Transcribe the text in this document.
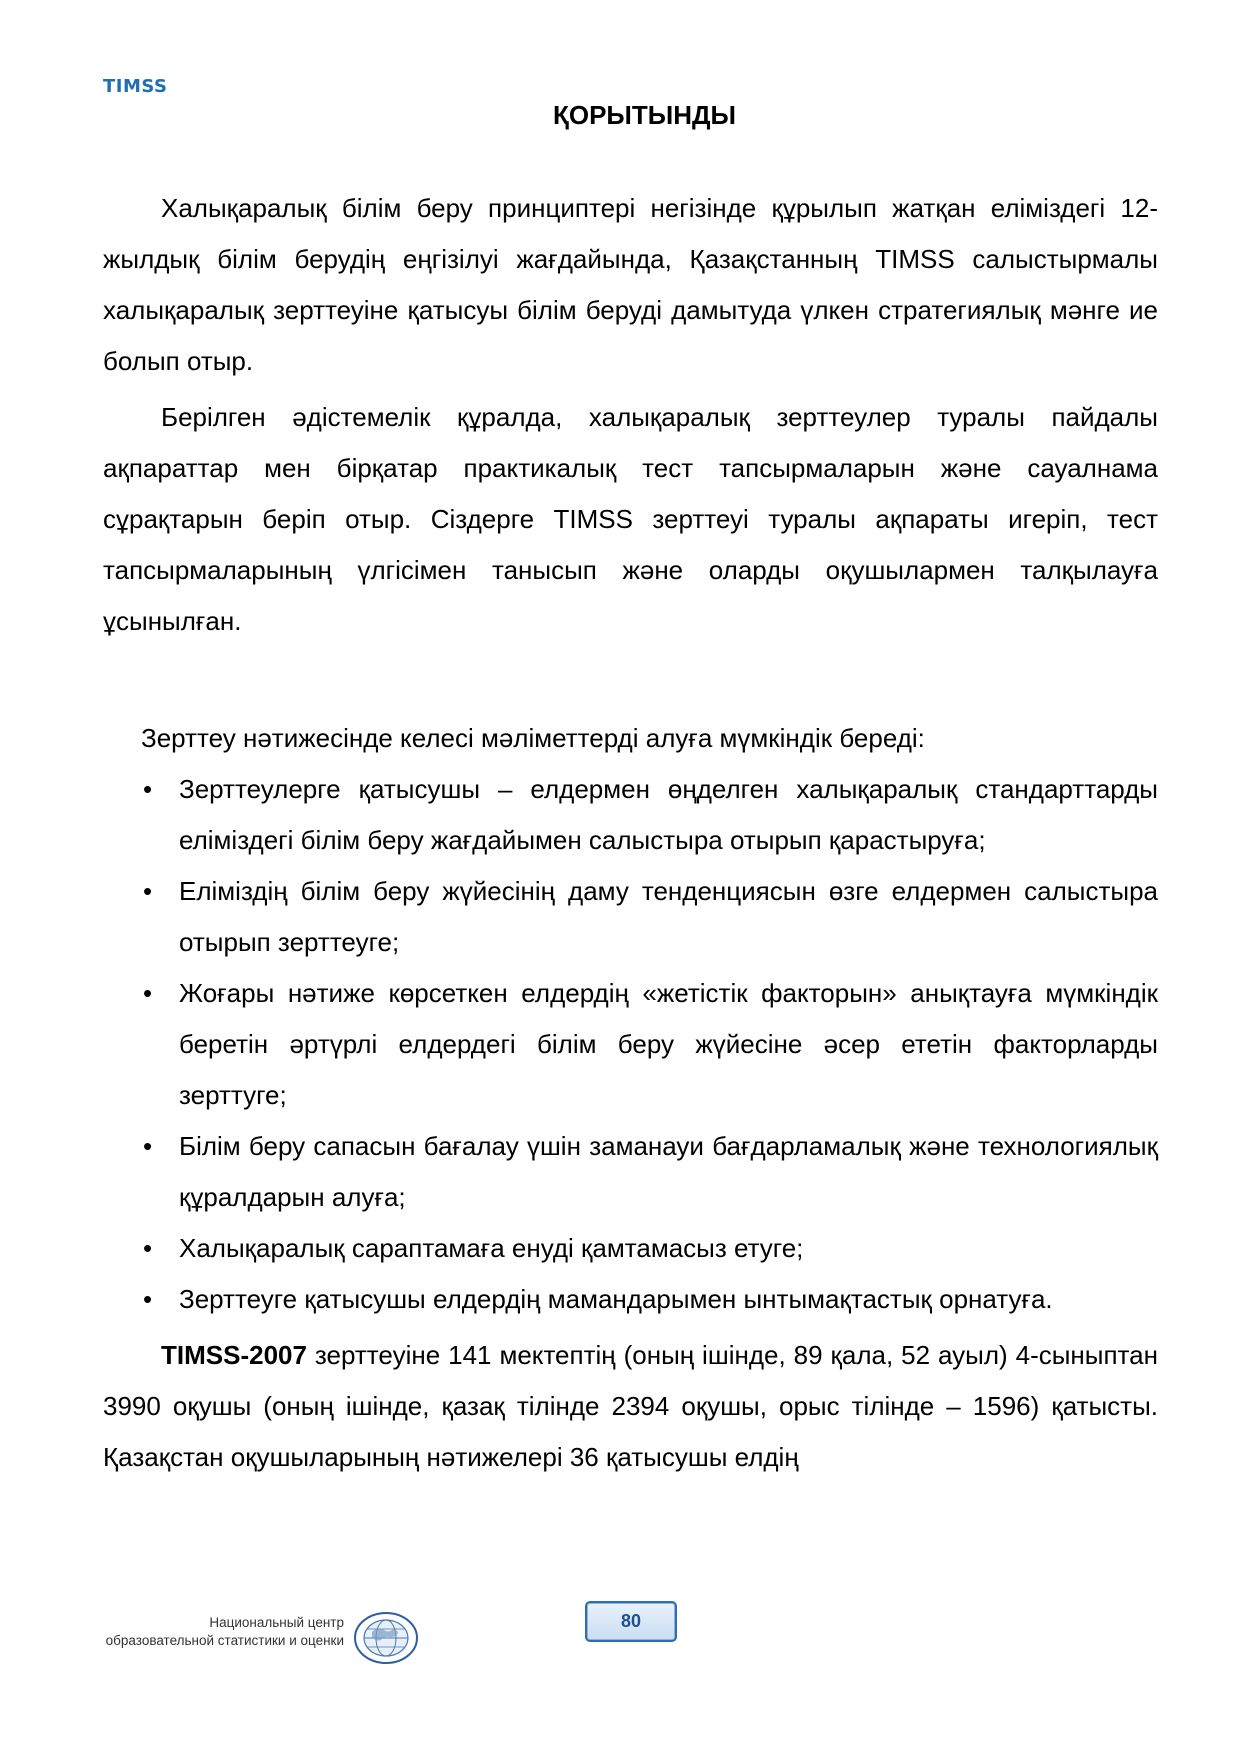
TIMSS
ҚОРЫТЫНДЫ

Халықаралық білім беру принциптері негізінде құрылып жатқан еліміздегі 12-жылдық білім берудің еңгізілуі жағдайында, Қазақстанның TIMSS салыстырмалы халықаралық зерттеуіне қатысуы білім беруді дамытуда үлкен стратегиялық мәнге ие болып отыр.

Берілген әдістемелік құралда, халықаралық зерттеулер туралы пайдалы ақпараттар мен бірқатар практикалық тест тапсырмаларын және сауалнама сұрақтарын беріп отыр. Сіздерге TIMSS зерттеуі туралы ақпараты игеріп, тест тапсырмаларының үлгісімен танысып және оларды оқушылармен талқылауға ұсынылған.

Зерттеу нәтижесінде келесі мәліметтерді алуға мүмкіндік береді:

• Зерттеулерге қатысушы – елдермен өңделген халықаралық стандарттарды еліміздегі білім беру жағдайымен салыстыра отырып қарастыруға;
• Еліміздің білім беру жүйесінің даму тенденциясын өзге елдермен салыстыра отырып зерттеуге;
• Жоғары нәтиже көрсеткен елдердің «жетістік факторын» анықтауға мүмкіндік беретін әртүрлі елдердегі білім беру жүйесіне әсер ететін факторларды зерттуге;
• Білім беру сапасын бағалау үшін заманауи бағдарламалық және технологиялық құралдарын алуға;
• Халықаралық сараптамаға енуді қамтамасыз етуге;
• Зерттеуге қатысушы елдердің мамандарымен ынтымақтастық орнатуға.

TIMSS-2007 зерттеуіне 141 мектептің (оның ішінде, 89 қала, 52 ауыл) 4-сыныптан 3990 оқушы (оның ішінде, қазақ тілінде 2394 оқушы, орыс тілінде – 1596) қатысты. Қазақстан оқушыларының нәтижелері 36 қатысушы елдің

Национальный центр
образовательной статистики и оценки
80
